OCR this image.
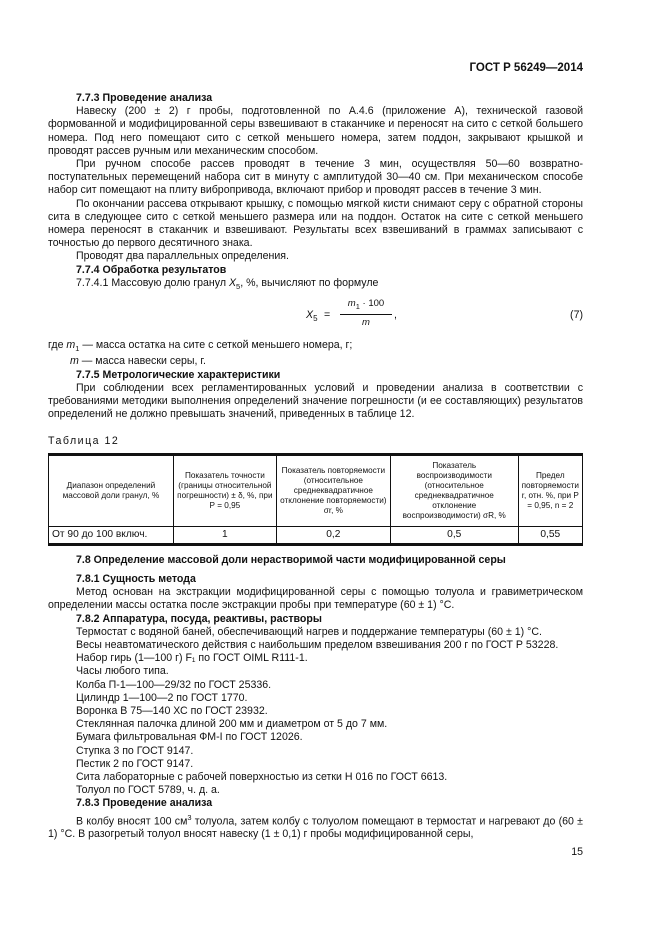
ГОСТ Р 56249—2014

7.7.3 Проведение анализа

Навеску (200 ± 2) г пробы, подготовленной по А.4.6 (приложение А), технической газовой формованной и модифицированной серы взвешивают в стаканчике и переносят на сито с сеткой большего номера. Под него помещают сито с сеткой меньшего номера, затем поддон, закрывают крышкой и проводят рассев ручным или механическим способом.

При ручном способе рассев проводят в течение 3 мин, осуществляя 50—60 возвратно-поступательных перемещений набора сит в минуту с амплитудой 30—40 см. При механическом способе набор сит помещают на плиту вибропривода, включают прибор и проводят рассев в течение 3 мин.

По окончании рассева открывают крышку, с помощью мягкой кисти снимают серу с обратной стороны сита в следующее сито с сеткой меньшего размера или на поддон. Остаток на сите с сеткой меньшего номера переносят в стаканчик и взвешивают. Результаты всех взвешиваний в граммах записывают с точностью до первого десятичного знака.

Проводят два параллельных определения.

7.7.4 Обработка результатов

7.7.4.1 Массовую долю гранул $X_5$, %, вычисляют по формуле

$X_5 = \frac{m_1 \cdot 100}{m}$ ,	(7)

где $m_1$ — масса остатка на сите с сеткой меньшего номера, г;

m — масса навески серы, г.

7.7.5 Метрологические характеристики

При соблюдении всех регламентированных условий и проведении анализа в соответствии с требованиями методики выполнения определений значение погрешности (и ее составляющих) результатов определений не должно превышать значений, приведенных в таблице 12.

Таблица 12

Диапазон определений массовой доли гранул, %	Показатель точности (границы относительной погрешности) ± δ, %, при Р = 0,95	Показатель повторяемости (относительное среднеквадратичное отклонение повторяемости) σr, %	Показатель воспроизводимости (относительное среднеквадратичное отклонение воспроизводимости) σR, %	Предел повторяемости r, отн. %, при Р = 0,95, n = 2
От 90 до 100 включ.	1	0,2	0,5	0,55

7.8 Определение массовой доли нерастворимой части модифицированной серы

7.8.1 Сущность метода

Метод основан на экстракции модифицированной серы с помощью толуола и гравиметрическом определении массы остатка после экстракции пробы при температуре (60 ± 1) °С.

7.8.2 Аппаратура, посуда, реактивы, растворы

Термостат с водяной баней, обеспечивающий нагрев и поддержание температуры (60 ± 1) °С.

Весы неавтоматического действия с наибольшим пределом взвешивания 200 г по ГОСТ Р 53228.

Набор гирь (1—100 г) F₁ по ГОСТ OIML R111-1.

Часы любого типа.

Колба П-1—100—29/32 по ГОСТ 25336.

Цилиндр 1—100—2 по ГОСТ 1770.

Воронка В 75—140 ХС по ГОСТ 23932.

Стеклянная палочка длиной 200 мм и диаметром от 5 до 7 мм.

Бумага фильтровальная ФМ-I по ГОСТ 12026.

Ступка 3 по ГОСТ 9147.

Пестик 2 по ГОСТ 9147.

Сита лабораторные с рабочей поверхностью из сетки Н 016 по ГОСТ 6613.

Толуол по ГОСТ 5789, ч. д. а.

7.8.3 Проведение анализа

В колбу вносят 100 $см^3$ толуола, затем колбу с толуолом помещают в термостат и нагревают до (60 ± 1) °С. В разогретый толуол вносят навеску (1 ± 0,1) г пробы модифицированной серы,

15
